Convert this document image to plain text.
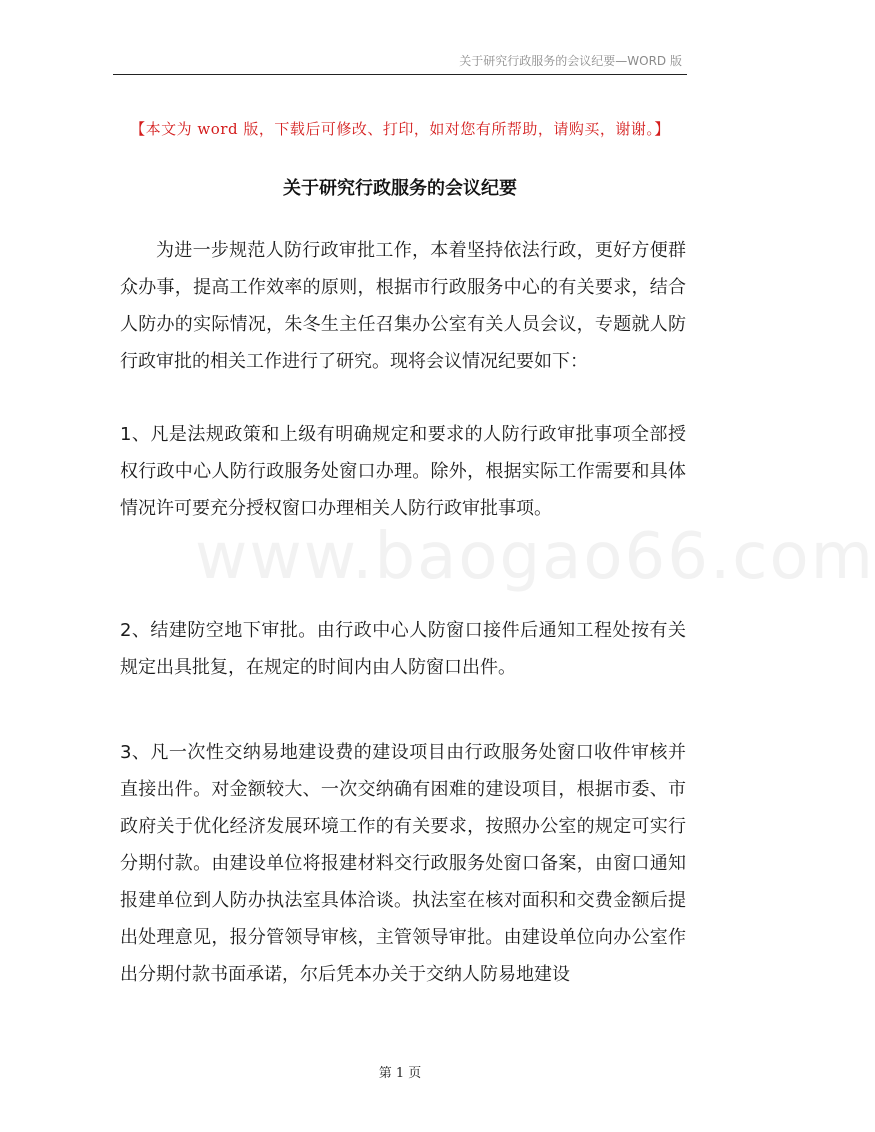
关于研究行政服务的会议纪要—WORD 版
www.baogao66.com
【本文为 word 版，下载后可修改、打印，如对您有所帮助，请购买，谢谢。】
关于研究行政服务的会议纪要

为进一步规范人防行政审批工作，本着坚持依法行政，更好方便群众办事，提高工作效率的原则，根据市行政服务中心的有关要求，结合人防办的实际情况，朱冬生主任召集办公室有关人员会议，专题就人防行政审批的相关工作进行了研究。现将会议情况纪要如下：

1、凡是法规政策和上级有明确规定和要求的人防行政审批事项全部授权行政中心人防行政服务处窗口办理。除外，根据实际工作需要和具体情况许可要充分授权窗口办理相关人防行政审批事项。

2、结建防空地下审批。由行政中心人防窗口接件后通知工程处按有关规定出具批复，在规定的时间内由人防窗口出件。

3、凡一次性交纳易地建设费的建设项目由行政服务处窗口收件审核并直接出件。对金额较大、一次交纳确有困难的建设项目，根据市委、市政府关于优化经济发展环境工作的有关要求，按照办公室的规定可实行分期付款。由建设单位将报建材料交行政服务处窗口备案，由窗口通知报建单位到人防办执法室具体洽谈。执法室在核对面积和交费金额后提出处理意见，报分管领导审核，主管领导审批。由建设单位向办公室作出分期付款书面承诺，尔后凭本办关于交纳人防易地建设

第 1 页
